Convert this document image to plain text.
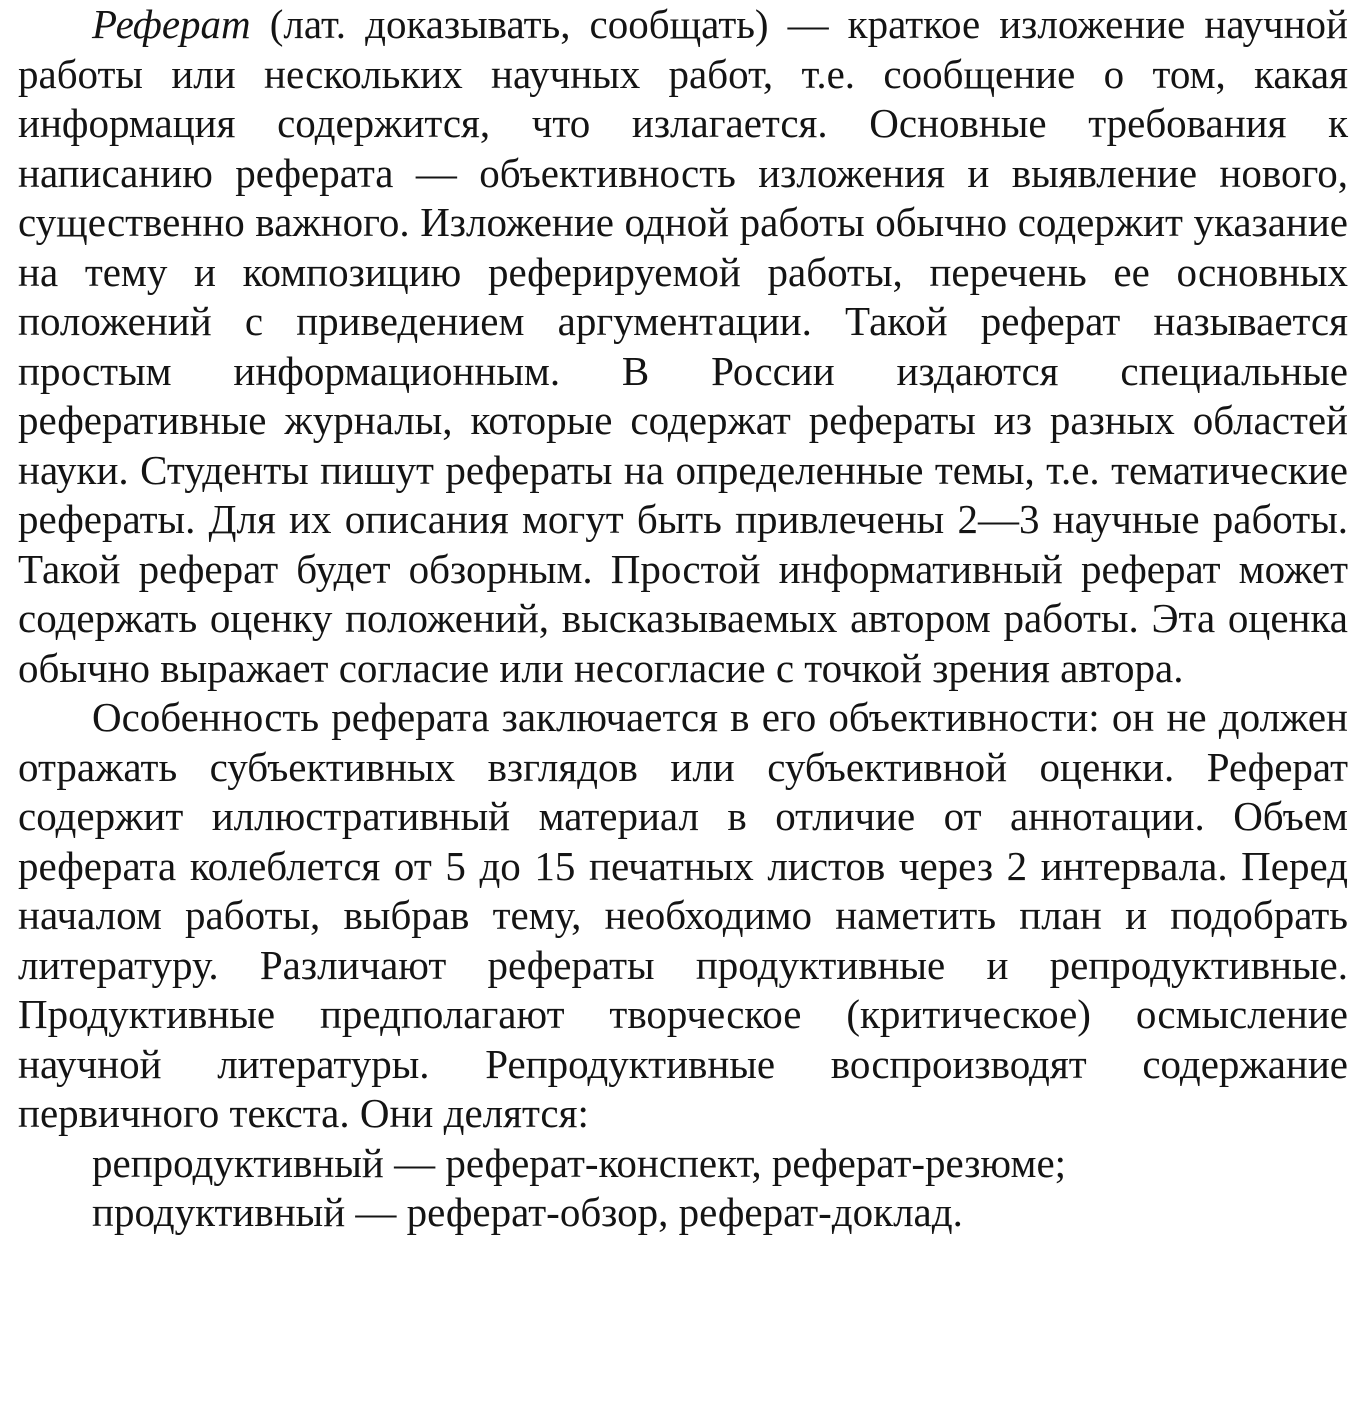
Реферат (лат. доказывать, сообщать) — краткое изложение научной работы или нескольких научных работ, т.е. сообщение о том, какая информация содержится, что излагается. Основные требования к написанию реферата — объективность изложения и выявление нового, существенно важного. Изложение одной работы обычно содержит указание на тему и композицию реферируемой работы, перечень ее основных положений с приведением аргументации. Такой реферат называется простым информационным. В России издаются специальные реферативные журналы, которые содержат рефераты из разных областей науки. Студенты пишут рефераты на определенные темы, т.е. тематические рефераты. Для их описания могут быть привлечены 2—3 научные работы. Такой реферат будет обзорным. Простой информативный реферат может содержать оценку положений, высказываемых автором работы. Эта оценка обычно выражает согласие или несогласие с точкой зрения автора.

Особенность реферата заключается в его объективности: он не должен отражать субъективных взглядов или субъективной оценки. Реферат содержит иллюстративный материал в отличие от аннотации. Объем реферата колеблется от 5 до 15 печатных листов через 2 интервала. Перед началом работы, выбрав тему, необходимо наметить план и подобрать литературу. Различают рефераты продуктивные и репродуктивные. Продуктивные предполагают творческое (критическое) осмысление научной литературы. Репродуктивные воспроизводят содержание первичного текста. Они делятся:

репродуктивный — реферат-конспект, реферат-резюме;
продуктивный — реферат-обзор, реферат-доклад.
